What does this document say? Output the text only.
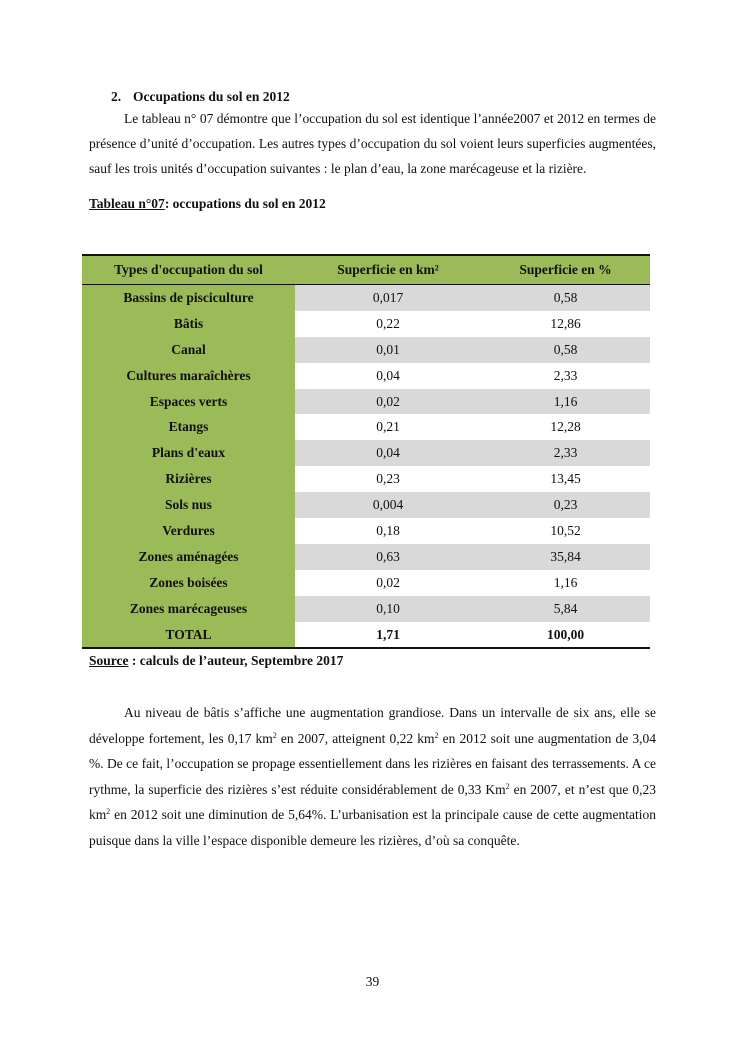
2. Occupations du sol en 2012

Le tableau n° 07 démontre que l’occupation du sol est identique l’année2007 et 2012 en termes de présence d’unité d’occupation. Les autres types d’occupation du sol voient leurs superficies augmentées, sauf les trois unités d’occupation suivantes : le plan d’eau, la zone marécageuse et la rizière.

Tableau n°07: occupations du sol en 2012
Types d'occupation du sol	Superficie en km²	Superficie en %
Bassins de pisciculture	0,017	0,58
Bâtis	0,22	12,86
Canal	0,01	0,58
Cultures maraîchères	0,04	2,33
Espaces verts	0,02	1,16
Etangs	0,21	12,28
Plans d'eaux	0,04	2,33
Rizières	0,23	13,45
Sols nus	0,004	0,23
Verdures	0,18	10,52
Zones aménagées	0,63	35,84
Zones boisées	0,02	1,16
Zones marécageuses	0,10	5,84
TOTAL	1,71	100,00
Source : calculs de l’auteur, Septembre 2017

Au niveau de bâtis s’affiche une augmentation grandiose. Dans un intervalle de six ans, elle se développe fortement, les 0,17 $km^2$ en 2007, atteignent 0,22 $km^2$ en 2012 soit une augmentation de 3,04 %. De ce fait, l’occupation se propage essentiellement dans les rizières en faisant des terrassements. A ce rythme, la superficie des rizières s’est réduite considérablement de 0,33 Km$^2$ en 2007, et n’est que 0,23 $km^2$ en 2012 soit une diminution de 5,64%. L’urbanisation est la principale cause de cette augmentation puisque dans la ville l’espace disponible demeure les rizières, d’où sa conquête.

39
